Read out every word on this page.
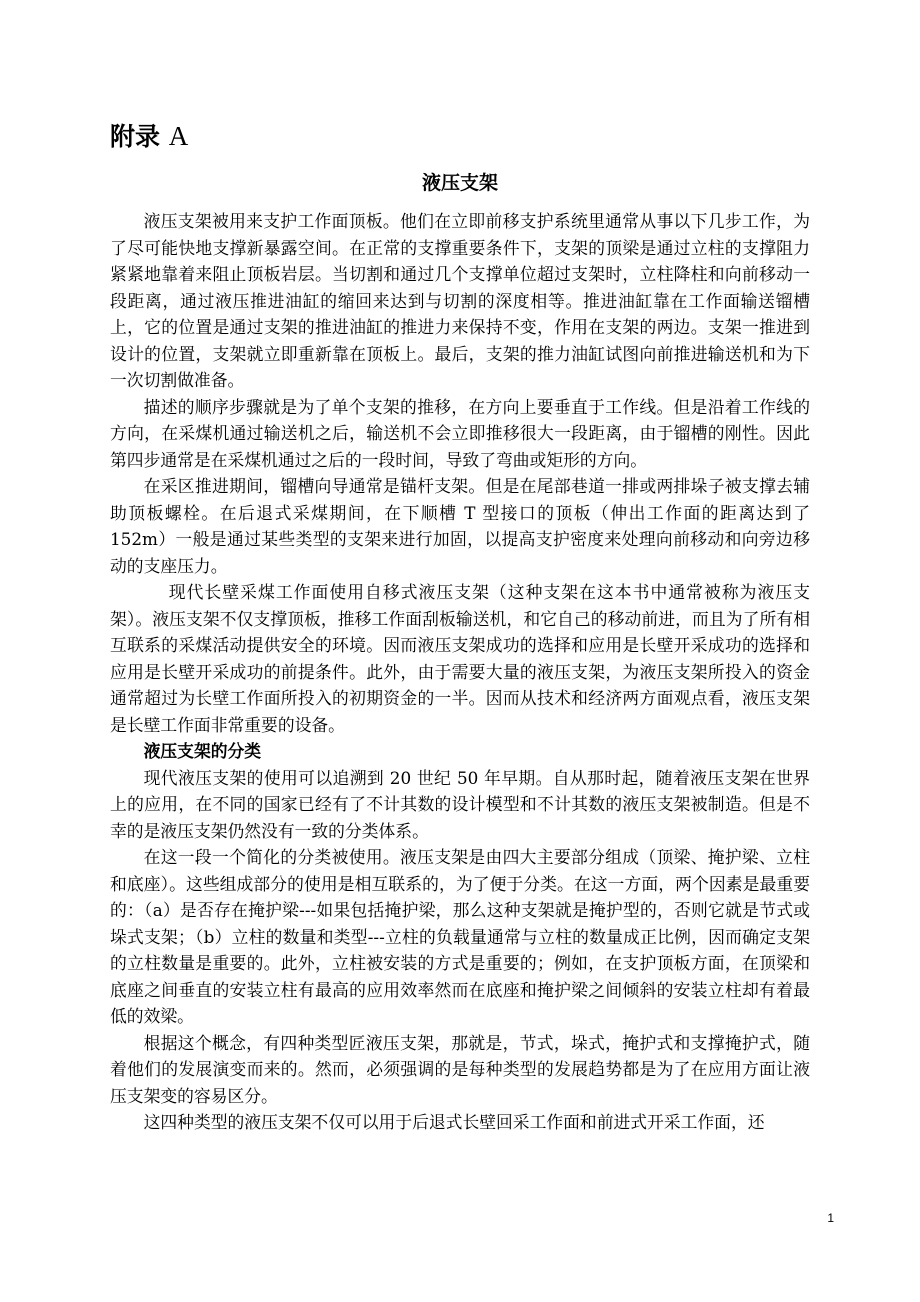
附录 A
液压支架

液压支架被用来支护工作面顶板。他们在立即前移支护系统里通常从事以下几步工作，为了尽可能快地支撑新暴露空间。在正常的支撑重要条件下，支架的顶梁是通过立柱的支撑阻力紧紧地靠着来阻止顶板岩层。当切割和通过几个支撑单位超过支架时，立柱降柱和向前移动一段距离，通过液压推进油缸的缩回来达到与切割的深度相等。推进油缸靠在工作面输送镏槽上，它的位置是通过支架的推进油缸的推进力来保持不变，作用在支架的两边。支架一推进到设计的位置，支架就立即重新靠在顶板上。最后，支架的推力油缸试图向前推进输送机和为下一次切割做准备。

描述的顺序步骤就是为了单个支架的推移，在方向上要垂直于工作线。但是沿着工作线的方向，在采煤机通过输送机之后，输送机不会立即推移很大一段距离，由于镏槽的刚性。因此第四步通常是在采煤机通过之后的一段时间，导致了弯曲或矩形的方向。

在采区推进期间，镏槽向导通常是锚杆支架。但是在尾部巷道一排或两排垛子被支撑去辅助顶板螺栓。在后退式采煤期间，在下顺槽 T 型接口的顶板（伸出工作面的距离达到了 152m）一般是通过某些类型的支架来进行加固，以提高支护密度来处理向前移动和向旁边移动的支座压力。

现代长壁采煤工作面使用自移式液压支架（这种支架在这本书中通常被称为液压支架）。液压支架不仅支撑顶板，推移工作面刮板输送机，和它自己的移动前进，而且为了所有相互联系的采煤活动提供安全的环境。因而液压支架成功的选择和应用是长壁开采成功的选择和应用是长壁开采成功的前提条件。此外，由于需要大量的液压支架，为液压支架所投入的资金通常超过为长壁工作面所投入的初期资金的一半。因而从技术和经济两方面观点看，液压支架是长壁工作面非常重要的设备。

液压支架的分类

现代液压支架的使用可以追溯到 20 世纪 50 年早期。自从那时起，随着液压支架在世界上的应用，在不同的国家已经有了不计其数的设计模型和不计其数的液压支架被制造。但是不幸的是液压支架仍然没有一致的分类体系。

在这一段一个简化的分类被使用。液压支架是由四大主要部分组成（顶梁、掩护梁、立柱和底座）。这些组成部分的使用是相互联系的，为了便于分类。在这一方面，两个因素是最重要的：（a）是否存在掩护梁---如果包括掩护梁，那么这种支架就是掩护型的，否则它就是节式或垛式支架；（b）立柱的数量和类型---立柱的负载量通常与立柱的数量成正比例，因而确定支架的立柱数量是重要的。此外，立柱被安装的方式是重要的；例如，在支护顶板方面，在顶梁和底座之间垂直的安装立柱有最高的应用效率然而在底座和掩护梁之间倾斜的安装立柱却有着最低的效梁。

根据这个概念，有四种类型匠液压支架，那就是，节式，垛式，掩护式和支撑掩护式，随着他们的发展演变而来的。然而，必须强调的是每种类型的发展趋势都是为了在应用方面让液压支架变的容易区分。

这四种类型的液压支架不仅可以用于后退式长壁回采工作面和前进式开采工作面，还

1
